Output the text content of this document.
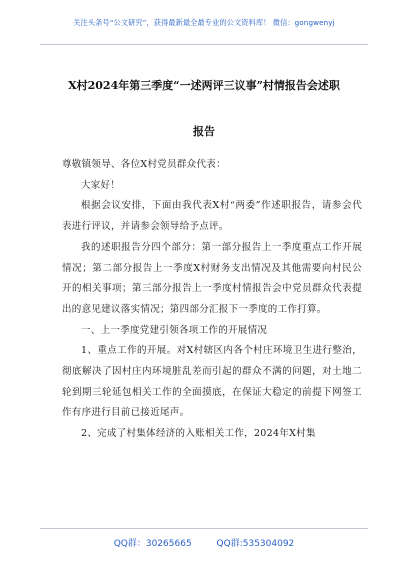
关注头条号“公文研究”，获得最新最全最专业的公文资料库！ 微信：gongwenyj
X村2024年第三季度“一述两评三议事”村情报告会述职
报告

尊敬镇领导、各位X村党员群众代表：

大家好！

根据会议安排，下面由我代表X村“两委”作述职报告，请参会代表进行评议，并请参会领导给予点评。

我的述职报告分四个部分：第一部分报告上一季度重点工作开展情况；第二部分报告上一季度X村财务支出情况及其他需要向村民公开的相关事项；第三部分报告上一季度村情报告会中党员群众代表提出的意见建议落实情况；第四部分汇报下一季度的工作打算。

一、上一季度党建引领各项工作的开展情况

1、重点工作的开展。对X村辖区内各个村庄环境卫生进行整治，彻底解决了因村庄内环境脏乱差而引起的群众不满的问题，对土地二轮到期三轮延包相关工作的全面摸底，在保证大稳定的前提下网签工作有序进行目前已接近尾声。

2、完成了村集体经济的入账相关工作，2024年X村集

QQ群：30265665	QQ群:535304092
